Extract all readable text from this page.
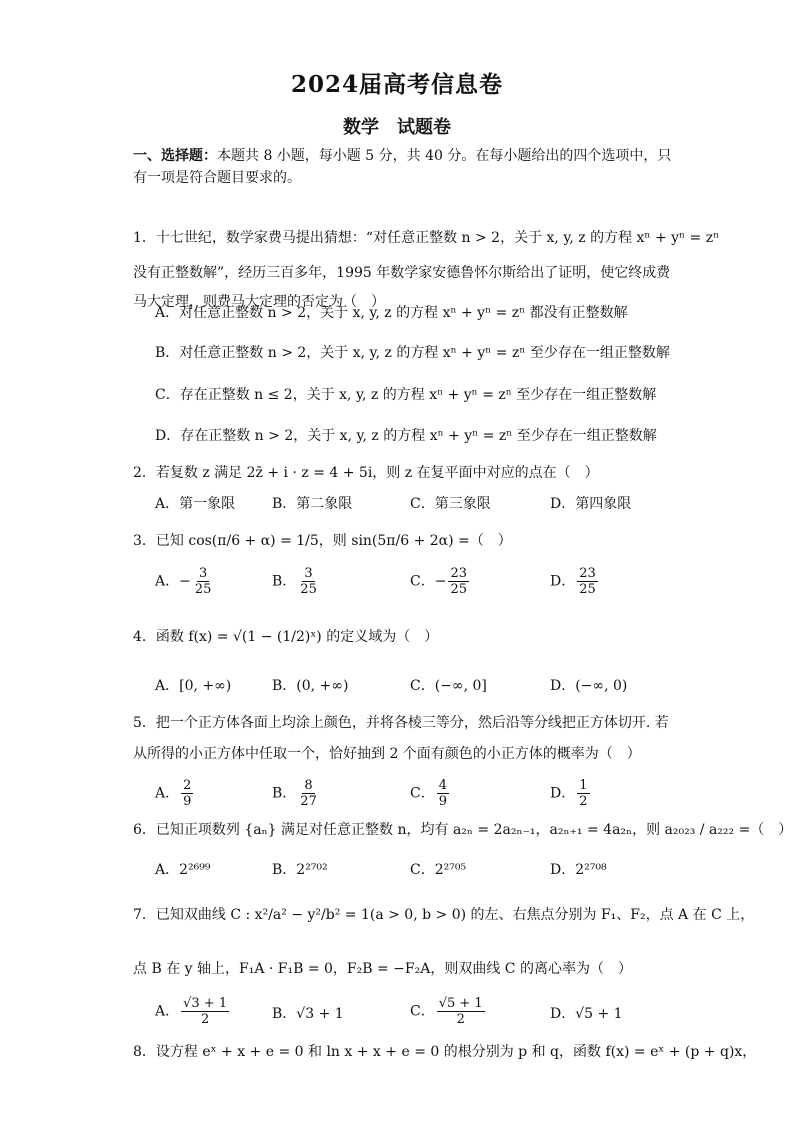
2024届高考信息卷
数学　试题卷
一、选择题：本题共 8 小题，每小题 5 分，共 40 分。在每小题给出的四个选项中，只
有一项是符合题目要求的。
1．十七世纪，数学家费马提出猜想：“对任意正整数 n > 2，关于 x, y, z 的方程 xⁿ + yⁿ = zⁿ
没有正整数解”，经历三百多年，1995 年数学家安德鲁怀尔斯给出了证明，使它终成费
马大定理，则费马大定理的否定为（　）
A．对任意正整数 n > 2，关于 x, y, z 的方程 xⁿ + yⁿ = zⁿ 都没有正整数解
B．对任意正整数 n > 2，关于 x, y, z 的方程 xⁿ + yⁿ = zⁿ 至少存在一组正整数解
C．存在正整数 n ≤ 2，关于 x, y, z 的方程 xⁿ + yⁿ = zⁿ 至少存在一组正整数解
D．存在正整数 n > 2，关于 x, y, z 的方程 xⁿ + yⁿ = zⁿ 至少存在一组正整数解
2．若复数 z 满足 2z̄ + i · z = 4 + 5i，则 z 在复平面中对应的点在（　）
A．第一象限	B．第二象限	C．第三象限	D．第四象限
3．已知 cos(π/6 + α) = 1/5，则 sin(5π/6 + 2α) =（　）
A．− $\frac{3}{25}$	B． $\frac{3}{25}$	C．− $\frac{23}{25}$	D． $\frac{23}{25}$
4．函数 f(x) = √(1 − (1/2)ˣ) 的定义域为（　）
A．[0, +∞)	B．(0, +∞)	C．(−∞, 0]	D．(−∞, 0)
5．把一个正方体各面上均涂上颜色，并将各棱三等分，然后沿等分线把正方体切开. 若
从所得的小正方体中任取一个，恰好抽到 2 个面有颜色的小正方体的概率为（　）
A． $\frac{2}{9}$	B． $\frac{8}{27}$	C． $\frac{4}{9}$	D． $\frac{1}{2}$
6．已知正项数列 {aₙ} 满足对任意正整数 n，均有 a₂ₙ = 2a₂ₙ₋₁，a₂ₙ₊₁ = 4a₂ₙ，则 a₂₀₂₃ / a₂₂₂ =（　）
A．2²⁶⁹⁹	B．2²⁷⁰²	C．2²⁷⁰⁵	D．2²⁷⁰⁸
7．已知双曲线 C : x²/a² − y²/b² = 1(a > 0, b > 0) 的左、右焦点分别为 F₁、F₂，点 A 在 C 上，
点 B 在 y 轴上，F₁A · F₁B = 0，F₂B = −F₂A，则双曲线 C 的离心率为（　）
A． $\frac{√3 + 1}{2}$	B．√3 + 1	C． $\frac{√5 + 1}{2}$	D．√5 + 1
8．设方程 eˣ + x + e = 0 和 ln x + x + e = 0 的根分别为 p 和 q，函数 f(x) = eˣ + (p + q)x，
